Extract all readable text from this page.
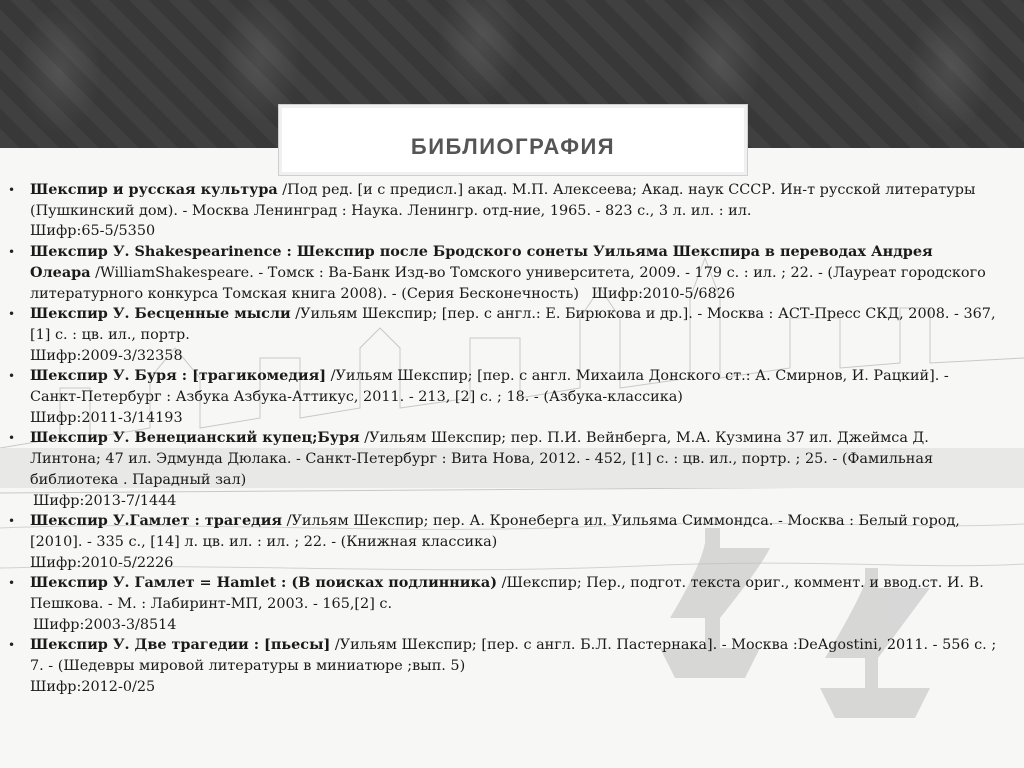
БИБЛИОГРАФИЯ
• Шекспир и русская культура /Под ред. [и с предисл.] акад. М.П. Алексеева; Акад. наук СССР. Ин-т русской литературы (Пушкинский дом). - Москва Ленинград : Наука. Ленингр. отд-ние, 1965. - 823 с., 3 л. ил. : ил.
Шифр:65-5/5350
• Шекспир У. Shakespearinence : Шекспир после Бродского сонеты Уильяма Шекспира в переводах Андрея Олеара /WilliamShakespeare. - Томск : Ва-Банк Изд-во Томского университета, 2009. - 179 с. : ил. ; 22. - (Лауреат городского литературного конкурса Томская книга 2008). - (Серия Бесконечность) Шифр:2010-5/6826
• Шекспир У. Бесценные мысли /Уильям Шекспир; [пер. с англ.: Е. Бирюкова и др.]. - Москва : АСТ-Пресс СКД, 2008. - 367, [1] с. : цв. ил., портр.
Шифр:2009-3/32358
• Шекспир У. Буря : [трагикомедия] /Уильям Шекспир; [пер. с англ. Михаила Донского ст.: А. Смирнов, И. Рацкий]. - Санкт-Петербург : Азбука Азбука-Аттикус, 2011. - 213, [2] с. ; 18. - (Азбука-классика)
Шифр:2011-3/14193
• Шекспир У. Венецианский купец;Буря /Уильям Шекспир; пер. П.И. Вейнберга, М.А. Кузмина 37 ил. Джеймса Д. Линтона; 47 ил. Эдмунда Дюлака. - Санкт-Петербург : Вита Нова, 2012. - 452, [1] с. : цв. ил., портр. ; 25. - (Фамильная библиотека . Парадный зал)
Шифр:2013-7/1444
• Шекспир У.Гамлет : трагедия /Уильям Шекспир; пер. А. Кронеберга ил. Уильяма Симмондса. - Москва : Белый город, [2010]. - 335 с., [14] л. цв. ил. : ил. ; 22. - (Книжная классика)
Шифр:2010-5/2226
• Шекспир У. Гамлет = Hamlet : (В поисках подлинника) /Шекспир; Пер., подгот. текста ориг., коммент. и ввод.ст. И. В. Пешкова. - М. : Лабиринт-МП, 2003. - 165,[2] с.
Шифр:2003-3/8514
• Шекспир У. Две трагедии : [пьесы] /Уильям Шекспир; [пер. с англ. Б.Л. Пастернака]. - Москва :DeAgostini, 2011. - 556 с. ; 7. - (Шедевры мировой литературы в миниатюре ;вып. 5)
Шифр:2012-0/25
